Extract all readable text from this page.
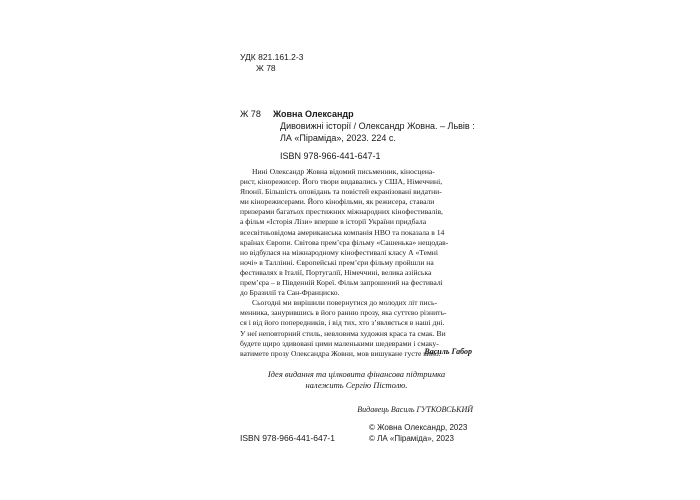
УДК 821.161.2-3
Ж 78
Ж 78 Жовна Олександр
Дивовижні історії / Олександр Жовна. – Львів :
ЛА «Піраміда», 2023. 224 с.
ISBN 978-966-441-647-1

Нині Олександр Жовна відомий письменник, кіносцена-
рист, кінорежисер. Його твори видавались у США, Німеччині,
Японії. Більшість оповідань та повістей екранізовані видатни-
ми кінорежисерами. Його кінофільми, як режисера, ставали
призерами багатьох престижних міжнародних кінофестивалів,
а фільм «Історія Лізи» вперше в історії України придбала
всесвітньовідома американська компанія HBO та показала в 14
країнах Європи. Світова прем’єра фільму «Сашенька» нещодав-
но відбулася на міжнародному кінофестивалі класу А «Темні
ночі» в Таллінні. Європейські прем’єри фільму пройшли на
фестивалях в Італії, Португалії, Німеччині, велика азійська
прем’єра – в Південній Кореї. Фільм запрошений на фестивалі
до Бразилії та Сан-Франциско.

Сьогодні ми вирішили повернутися до молодих літ пись-
менника, занурившись в його ранню прозу, яка суттєво різнить-
ся і від його попередників, і від тих, хто з’являється в наші дні.
У неї неповторний стиль, невловима художня краса та смак. Ви
будете щиро здивовані цими маленькими шедеврами і смаку-
ватимете прозу Олександра Жовни, мов вишукане густе вино.

Василь Габор
Ідея видання та цілковита фінансова підтримка
належить Сергію Пістолю.
Видавець Василь ГУТКОВСЬКИЙ
ISBN 978-966-441-647-1
© Жовна Олександр, 2023
© ЛА «Піраміда», 2023
